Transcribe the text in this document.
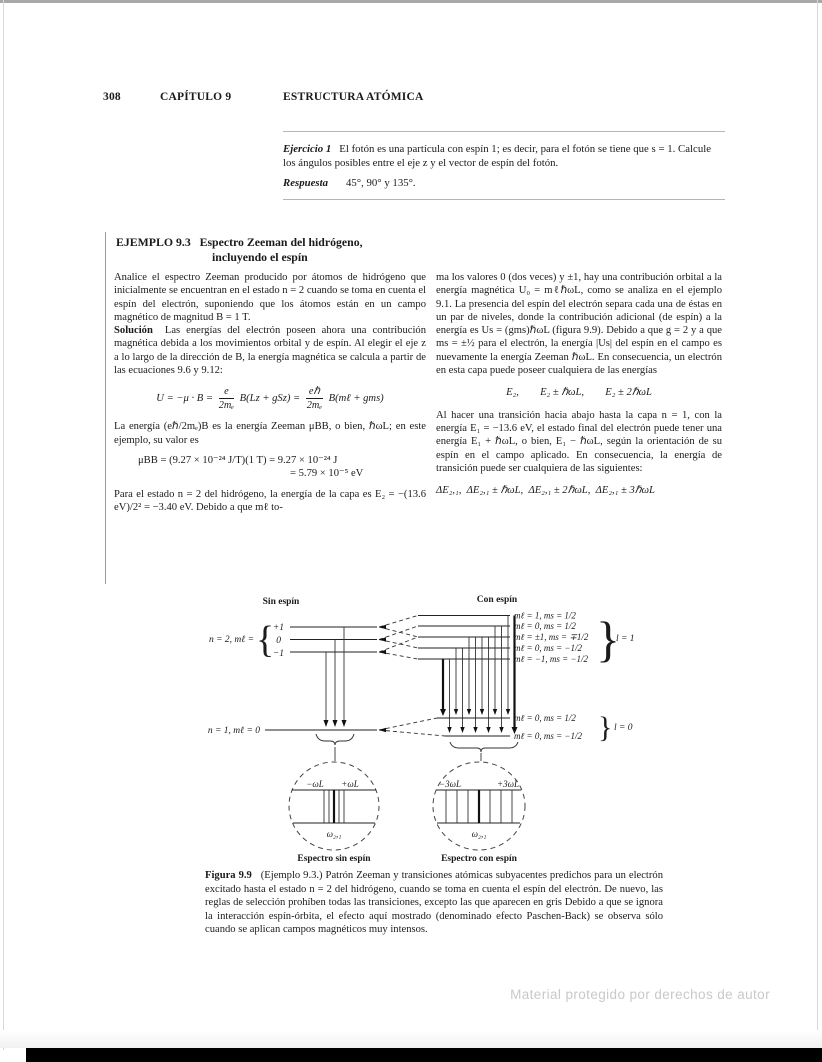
308	CAPÍTULO 9	ESTRUCTURA ATÓMICA
Ejercicio 1 El fotón es una partícula con espín 1; es decir, para el fotón se tiene que s = 1. Calcule los ángulos posibles entre el eje z y el vector de espín del fotón.
Respuesta 45°, 90° y 135°.
EJEMPLO 9.3 Espectro Zeeman del hidrógeno,
incluyendo el espín

Analice el espectro Zeeman producido por átomos de hidrógeno que inicialmente se encuentran en el estado n = 2 cuando se toma en cuenta el espín del electrón, suponiendo que los átomos están en un campo magnético de magnitud B = 1 T.

Solución Las energías del electrón poseen ahora una contribución magnética debida a los movimientos orbital y de espín. Al elegir el eje z a lo largo de la dirección de B, la energía magnética se calcula a partir de las ecuaciones 9.6 y 9.12:

$U = -\mu \cdot B = \frac{e}{\text{2mₑ}} B(Lz + gSz) = \frac{\text{eℏ}}{\text{2mₑ}}$ B(mℓ + gms)

La energía (eℏ/2mₑ)B es la energía Zeeman μBB, o bien, ℏωL; en este ejemplo, su valor es

μBB = (9.27 × 10⁻²⁴ J/T)(1 T) = 9.27 × 10⁻²⁴ J
= 5.79 × 10⁻⁵ eV

Para el estado n = 2 del hidrógeno, la energía de la capa es E₂ = −(13.6 eV)/2² = −3.40 eV. Debido a que mℓ to-

ma los valores 0 (dos veces) y ±1, hay una contribución orbital a la energía magnética U₀ = mℓℏωL, como se analiza en el ejemplo 9.1. La presencia del espín del electrón separa cada una de éstas en un par de niveles, donde la contribución adicional (de espín) a la energía es Us = (gms)ℏωL (figura 9.9). Debido a que g = 2 y a que ms = ±½ para el electrón, la energía |Us| del espín en el campo es nuevamente la energía Zeeman ℏωL. En consecuencia, un electrón en esta capa puede poseer cualquiera de las energías

E₂,  E₂ ± ℏωL,  E₂ ± 2ℏωL

Al hacer una transición hacia abajo hasta la capa n = 1, con la energía E₁ = −13.6 eV, el estado final del electrón puede tener una energía E₁ + ℏωL, o bien, E₁ − ℏωL, según la orientación de su espín en el campo aplicado. En consecuencia, la energía de transición puede ser cualquiera de las siguientes:

ΔE₂,₁, ΔE₂,₁ ± ℏωL, ΔE₂,₁ ± 2ℏωL, ΔE₂,₁ ± 3ℏωL
Sin espín	Con espín
n = 2, mℓ = {
+1
0
−1
n = 1, mℓ = 0
mℓ = 1, ms = 1/2
mℓ = 0, ms = 1/2
mℓ = ±1, ms = ∓1/2
mℓ = 0, ms = −1/2
mℓ = −1, ms = −1/2 }
l = 1
mℓ = 0, ms = 1/2
mℓ = 0, ms = −1/2 } l = 0
−ωL +ωL
ω₂,₁
Espectro sin espín
−3ωL	+3ωL
ω₂,₁
Espectro con espín
Figura 9.9 (Ejemplo 9.3.) Patrón Zeeman y transiciones atómicas subyacentes predichos para un electrón excitado hasta el estado n = 2 del hidrógeno, cuando se toma en cuenta el espín del electrón. De nuevo, las reglas de selección prohíben todas las transiciones, excepto las que aparecen en gris Debido a que se ignora la interacción espín-órbita, el efecto aquí mostrado (denominado efecto Paschen-Back) se observa sólo cuando se aplican campos magnéticos muy intensos.
Material protegido por derechos de autor
